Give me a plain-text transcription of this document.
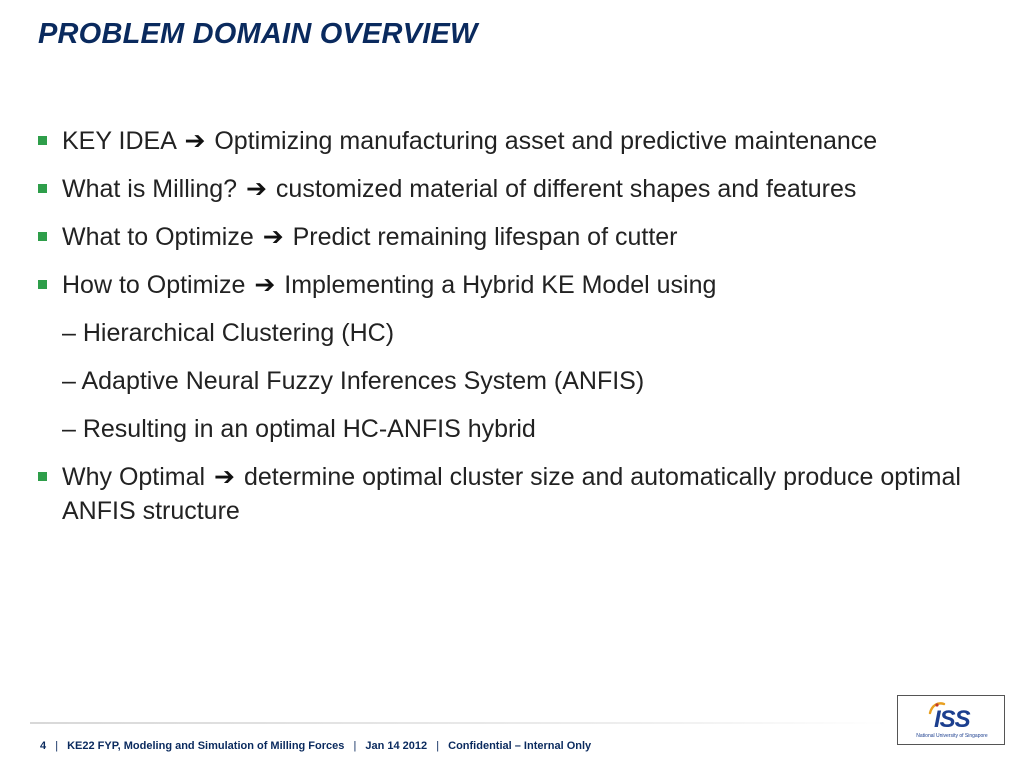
PROBLEM DOMAIN OVERVIEW
KEY IDEA ➔ Optimizing manufacturing asset and predictive maintenance
What is Milling? ➔ customized material of different shapes and features
What to Optimize ➔ Predict remaining lifespan of cutter
How to Optimize ➔ Implementing a Hybrid KE Model using
– Hierarchical Clustering (HC)
– Adaptive Neural Fuzzy Inferences System (ANFIS)
– Resulting in an optimal HC-ANFIS hybrid
Why Optimal ➔ determine optimal cluster size and automatically produce optimal ANFIS structure
4 | KE22 FYP, Modeling and Simulation of Milling Forces | Jan 14 2012 | Confidential – Internal Only
ISS
National University of Singapore
